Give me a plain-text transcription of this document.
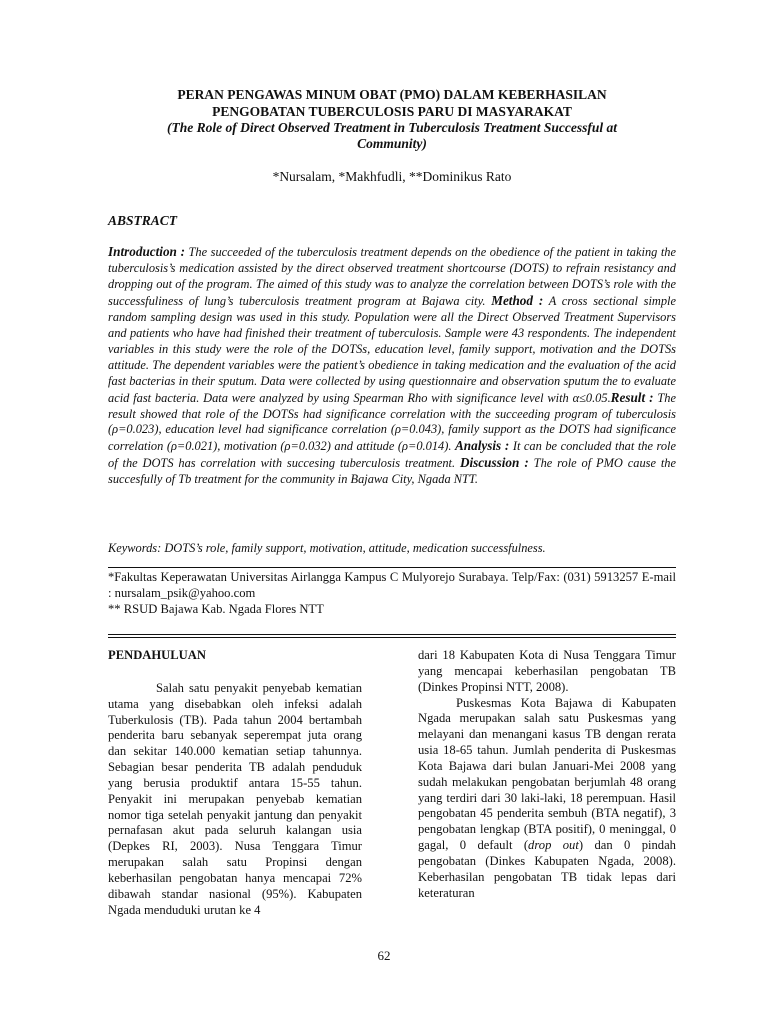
PERAN PENGAWAS MINUM OBAT (PMO) DALAM KEBERHASILAN
PENGOBATAN TUBERCULOSIS PARU DI MASYARAKAT
(The Role of Direct Observed Treatment in Tuberculosis Treatment Successful at
Community)
*Nursalam, *Makhfudli, **Dominikus Rato
ABSTRACT
Introduction : The succeeded of the tuberculosis treatment depends on the obedience of the patient in taking the tuberculosis’s medication assisted by the direct observed treatment shortcourse (DOTS) to refrain resistancy and dropping out of the program. The aimed of this study was to analyze the correlation between DOTS’s role with the successfuliness of lung’s tuberculosis treatment program at Bajawa city. Method : A cross sectional simple random sampling design was used in this study. Population were all the Direct Observed Treatment Supervisors and patients who have had finished their treatment of tuberculosis. Sample were 43 respondents. The independent variables in this study were the role of the DOTSs, education level, family support, motivation and the DOTSs attitude. The dependent variables were the patient’s obedience in taking medication and the evaluation of the acid fast bacterias in their sputum. Data were collected by using questionnaire and observation sputum the to evaluate acid fast bacteria. Data were analyzed by using Spearman Rho with significance level with α≤0.05.Result : The result showed that role of the DOTSs had significance correlation with the succeeding program of tuberculosis (ρ=0.023), education level had significance correlation (ρ=0.043), family support as the DOTS had significance correlation (ρ=0.021), motivation (ρ=0.032) and attitude (ρ=0.014). Analysis : It can be concluded that the role of the DOTS has correlation with succesing tuberculosis treatment. Discussion : The role of PMO cause the succesfully of Tb treatment for the community in Bajawa City, Ngada NTT.
Keywords: DOTS’s role, family support, motivation, attitude, medication successfulness.
*Fakultas Keperawatan Universitas Airlangga Kampus C Mulyorejo Surabaya. Telp/Fax: (031) 5913257 E-mail : nursalam_psik@yahoo.com
** RSUD Bajawa Kab. Ngada Flores NTT
PENDAHULUAN
Salah satu penyakit penyebab kematian utama yang disebabkan oleh infeksi adalah Tuberkulosis (TB). Pada tahun 2004 bertambah penderita baru sebanyak seperempat juta orang dan sekitar 140.000 kematian setiap tahunnya. Sebagian besar penderita TB adalah penduduk yang berusia produktif antara 15-55 tahun. Penyakit ini merupakan penyebab kematian nomor tiga setelah penyakit jantung dan penyakit pernafasan akut pada seluruh kalangan usia (Depkes RI, 2003). Nusa Tenggara Timur merupakan salah satu Propinsi dengan keberhasilan pengobatan hanya mencapai 72% dibawah standar nasional (95%). Kabupaten Ngada menduduki urutan ke 4
dari 18 Kabupaten Kota di Nusa Tenggara Timur yang mencapai keberhasilan pengobatan TB (Dinkes Propinsi NTT, 2008).
Puskesmas Kota Bajawa di Kabupaten Ngada merupakan salah satu Puskesmas yang melayani dan menangani kasus TB dengan rerata usia 18-65 tahun. Jumlah penderita di Puskesmas Kota Bajawa dari bulan Januari-Mei 2008 yang sudah melakukan pengobatan berjumlah 48 orang yang terdiri dari 30 laki-laki, 18 perempuan. Hasil pengobatan 45 penderita sembuh (BTA negatif), 3 pengobatan lengkap (BTA positif), 0 meninggal, 0 gagal, 0 default (drop out) dan 0 pindah pengobatan (Dinkes Kabupaten Ngada, 2008). Keberhasilan pengobatan TB tidak lepas dari keteraturan
62
